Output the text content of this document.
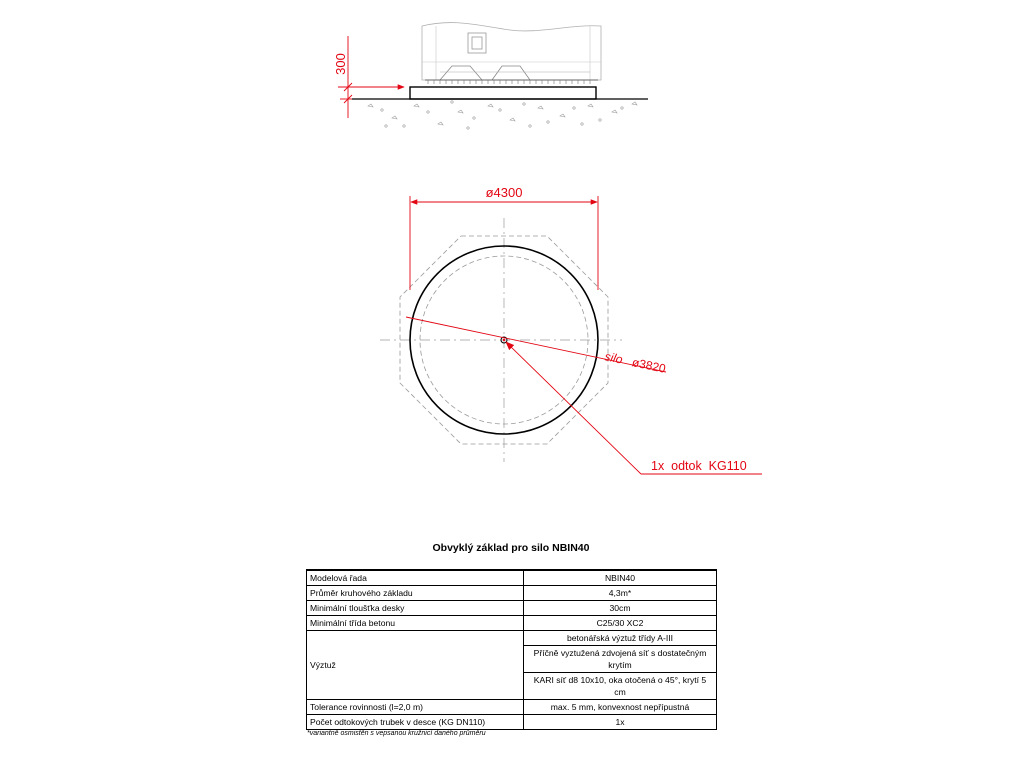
300
ø4300
silo ø3820
1x  odtok  KG110
Obvyklý základ pro silo NBIN40
Modelová řada	NBIN40
Průměr kruhového základu	4,3m*
Minimální tloušťka desky	30cm
Minimální třída betonu	C25/30 XC2
Výztuž	betonářská výztuž třídy A-III
	Příčně vyztužená zdvojená síť s dostatečným krytím
	KARI síť d8 10x10, oka otočená o 45°, krytí 5 cm
Tolerance rovinnosti (l=2,0 m)	max. 5 mm, konvexnost nepřípustná
Počet odtokových trubek v desce (KG DN110)	1x
*variantně osmistěn s vepsanou kružnicí daného průměru
